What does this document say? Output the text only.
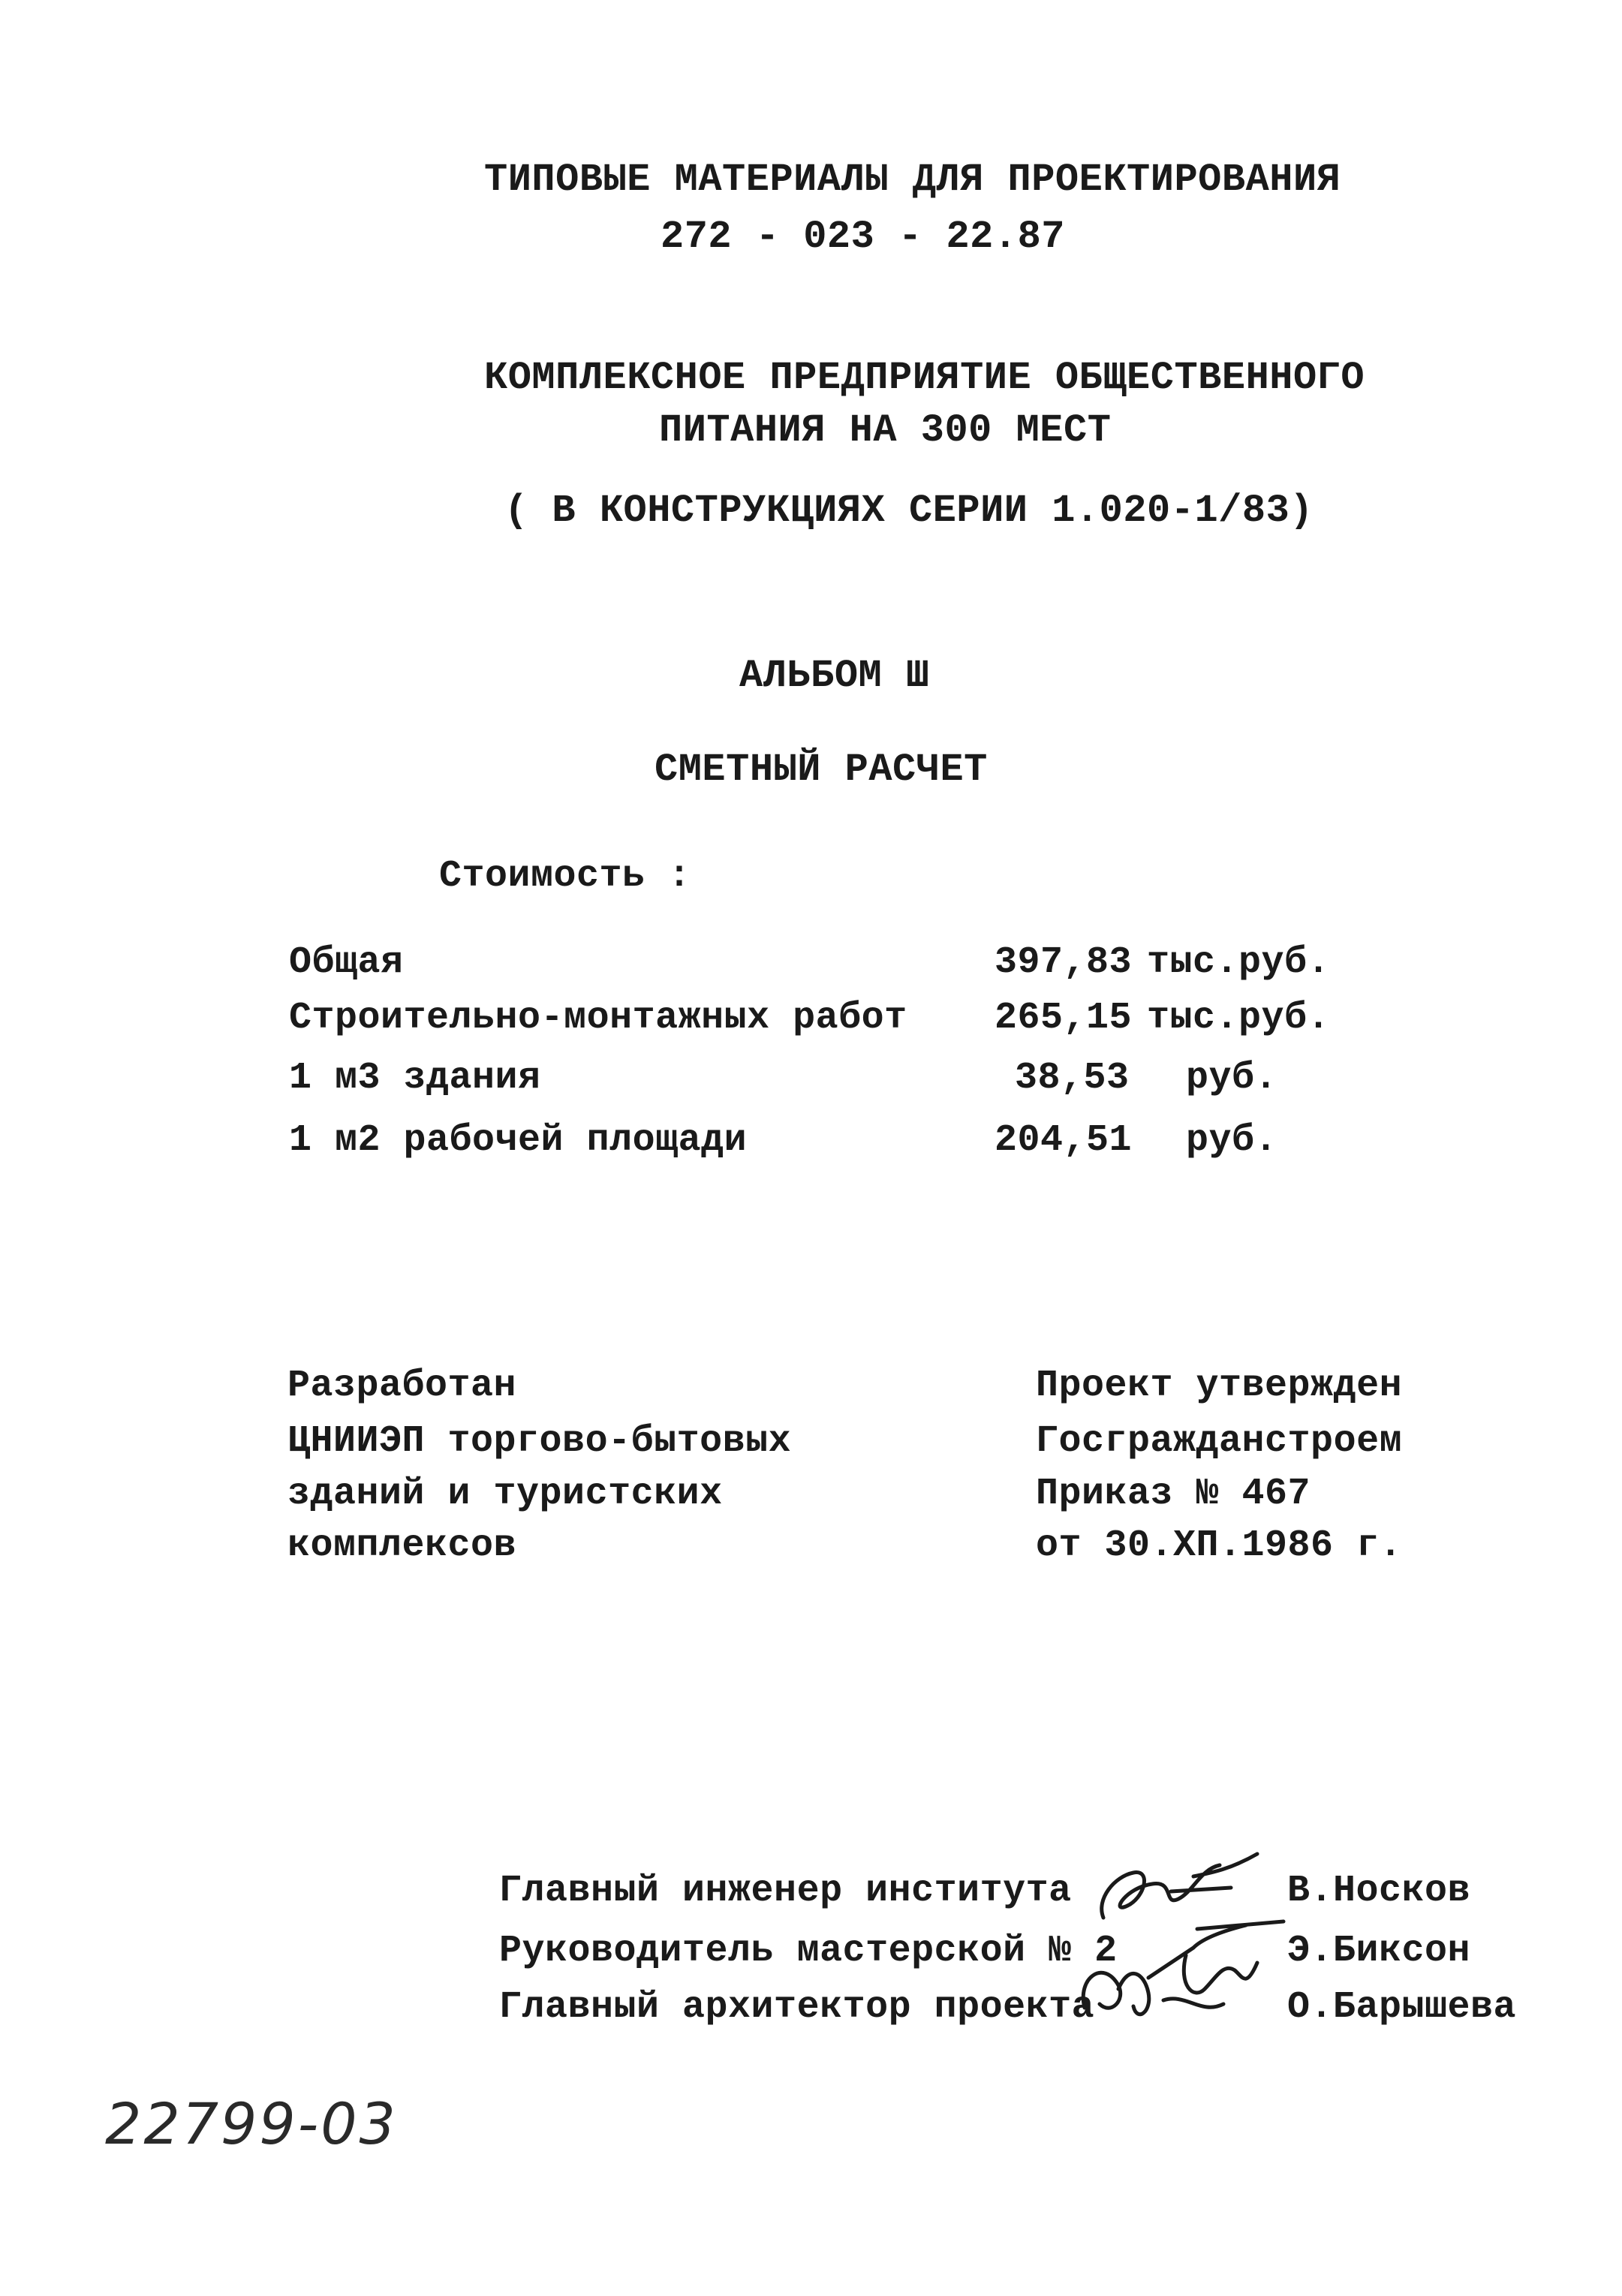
ТИПОВЫЕ МАТЕРИАЛЫ ДЛЯ ПРОЕКТИРОВАНИЯ
272 - 023 - 22.87
КОМПЛЕКСНОЕ ПРЕДПРИЯТИЕ ОБЩЕСТВЕННОГО
ПИТАНИЯ НА 300 МЕСТ
( В КОНСТРУКЦИЯХ СЕРИИ 1.020-1/83)
АЛЬБОМ Ш
СМЕТНЫЙ РАСЧЕТ
Стоимость :
Общая	397,83 тыс.руб.
Строительно-монтажных работ 265,15 тыс.руб.
1 м3 здания	38,53 руб.
1 м2 рабочей площади	204,51 руб.
Разработан
ЦНИИЭП торгово-бытовых
зданий и туристских
комплексов
Проект утвержден
Госгражданстроем
Приказ № 467
от 30.ХП.1986 г.
Главный инженер института	В.Носков
Руководитель мастерской № 2	Э.Биксон
Главный архитектор проекта	О.Барышева
22799-03
